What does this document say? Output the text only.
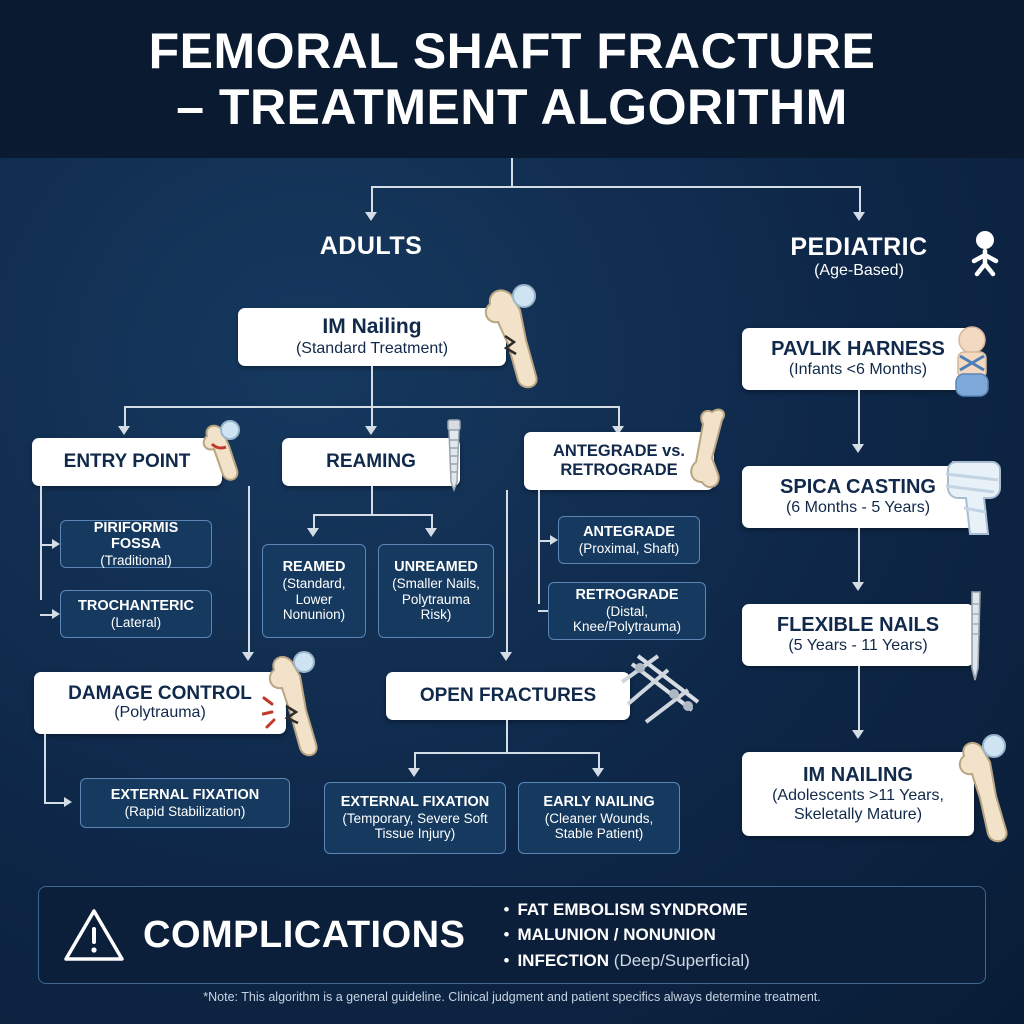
FEMORAL SHAFT FRACTURE
– TREATMENT ALGORITHM
ADULTS	PEDIATRIC
(Age-Based)
IM Nailing
(Standard Treatment)
ENTRY POINT
PIRIFORMIS FOSSA
(Traditional)
TROCHANTERIC
(Lateral)
REAMING
REAMED
(Standard, Lower Nonunion)
UNREAMED
(Smaller Nails, Polytrauma Risk)
ANTEGRADE vs. RETROGRADE
ANTEGRADE
(Proximal, Shaft)
RETROGRADE
(Distal, Knee/Polytrauma)
DAMAGE CONTROL
(Polytrauma)
EXTERNAL FIXATION
(Rapid Stabilization)
OPEN FRACTURES
EXTERNAL FIXATION
(Temporary, Severe Soft Tissue Injury)
EARLY NAILING
(Cleaner Wounds, Stable Patient)
PAVLIK HARNESS
(Infants <6 Months)
SPICA CASTING
(6 Months - 5 Years)
FLEXIBLE NAILS
(5 Years - 11 Years)
IM NAILING
(Adolescents >11 Years, Skeletally Mature)
COMPLICATIONS
• FAT EMBOLISM SYNDROME
• MALUNION / NONUNION
• INFECTION (Deep/Superficial)
*Note: This algorithm is a general guideline. Clinical judgment and patient specifics always determine treatment.
